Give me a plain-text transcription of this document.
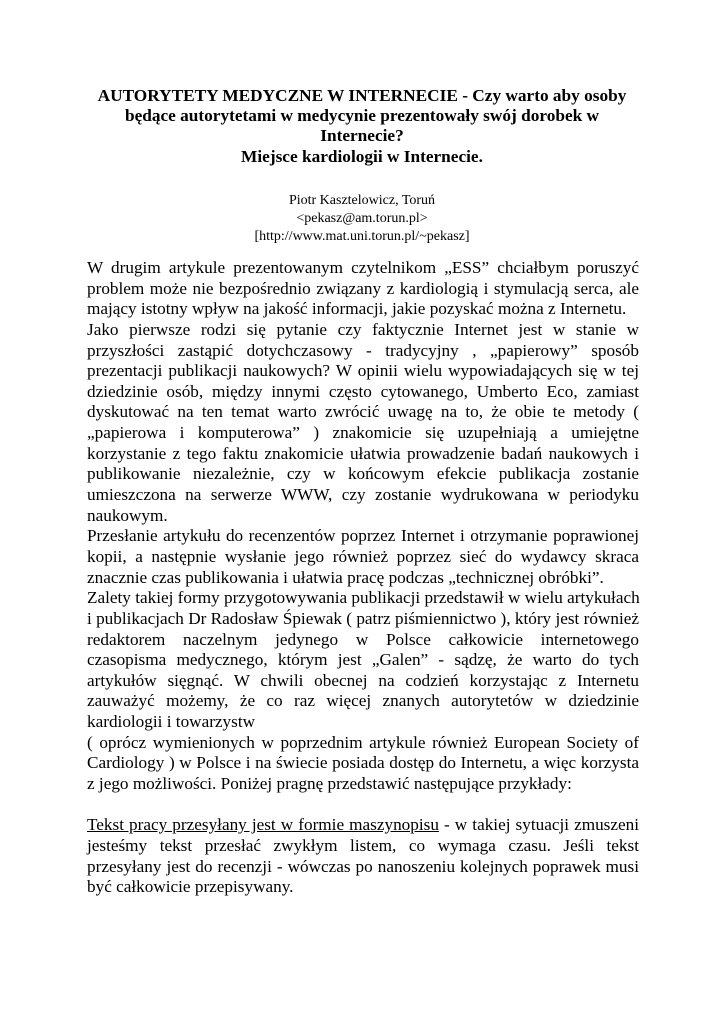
AUTORYTETY MEDYCZNE W INTERNECIE - Czy warto aby osoby
będące autorytetami w medycynie prezentowały swój dorobek w
Internecie?
Miejsce kardiologii w Internecie.
Piotr Kasztelowicz, Toruń
<pekasz@am.torun.pl>
[http://www.mat.uni.torun.pl/~pekasz]
W drugim artykule prezentowanym czytelnikom „ESS” chciałbym poruszyć
problem może nie bezpośrednio związany z kardiologią i stymulacją serca, ale
mający istotny wpływ na jakość informacji, jakie pozyskać można z Internetu.
Jako pierwsze rodzi się pytanie czy faktycznie Internet jest w stanie w
przyszłości zastąpić dotychczasowy - tradycyjny , „papierowy” sposób
prezentacji publikacji naukowych? W opinii wielu wypowiadających się w tej
dziedzinie osób, między innymi często cytowanego, Umberto Eco, zamiast
dyskutować na ten temat warto zwrócić uwagę na to, że obie te metody (
„papierowa i komputerowa” ) znakomicie się uzupełniają a umiejętne
korzystanie z tego faktu znakomicie ułatwia prowadzenie badań naukowych i
publikowanie niezależnie, czy w końcowym efekcie publikacja zostanie
umieszczona na serwerze WWW, czy zostanie wydrukowana w periodyku
naukowym.
Przesłanie artykułu do recenzentów poprzez Internet i otrzymanie poprawionej
kopii, a następnie wysłanie jego również poprzez sieć do wydawcy skraca
znacznie czas publikowania i ułatwia pracę podczas „technicznej obróbki”.
Zalety takiej formy przygotowywania publikacji przedstawił w wielu artykułach
i publikacjach Dr Radosław Śpiewak ( patrz piśmiennictwo ), który jest również
redaktorem naczelnym jedynego w Polsce całkowicie internetowego
czasopisma medycznego, którym jest „Galen” - sądzę, że warto do tych
artykułów sięgnąć. W chwili obecnej na codzień korzystając z Internetu
zauważyć możemy, że co raz więcej znanych autorytetów w dziedzinie
kardiologii i towarzystw
( oprócz wymienionych w poprzednim artykule również European Society of
Cardiology ) w Polsce i na świecie posiada dostęp do Internetu, a więc korzysta
z jego możliwości. Poniżej pragnę przedstawić następujące przykłady:
Tekst pracy przesyłany jest w formie maszynopisu - w takiej sytuacji zmuszeni
jesteśmy tekst przesłać zwykłym listem, co wymaga czasu. Jeśli tekst
przesyłany jest do recenzji - wówczas po nanoszeniu kolejnych poprawek musi
być całkowicie przepisywany.
